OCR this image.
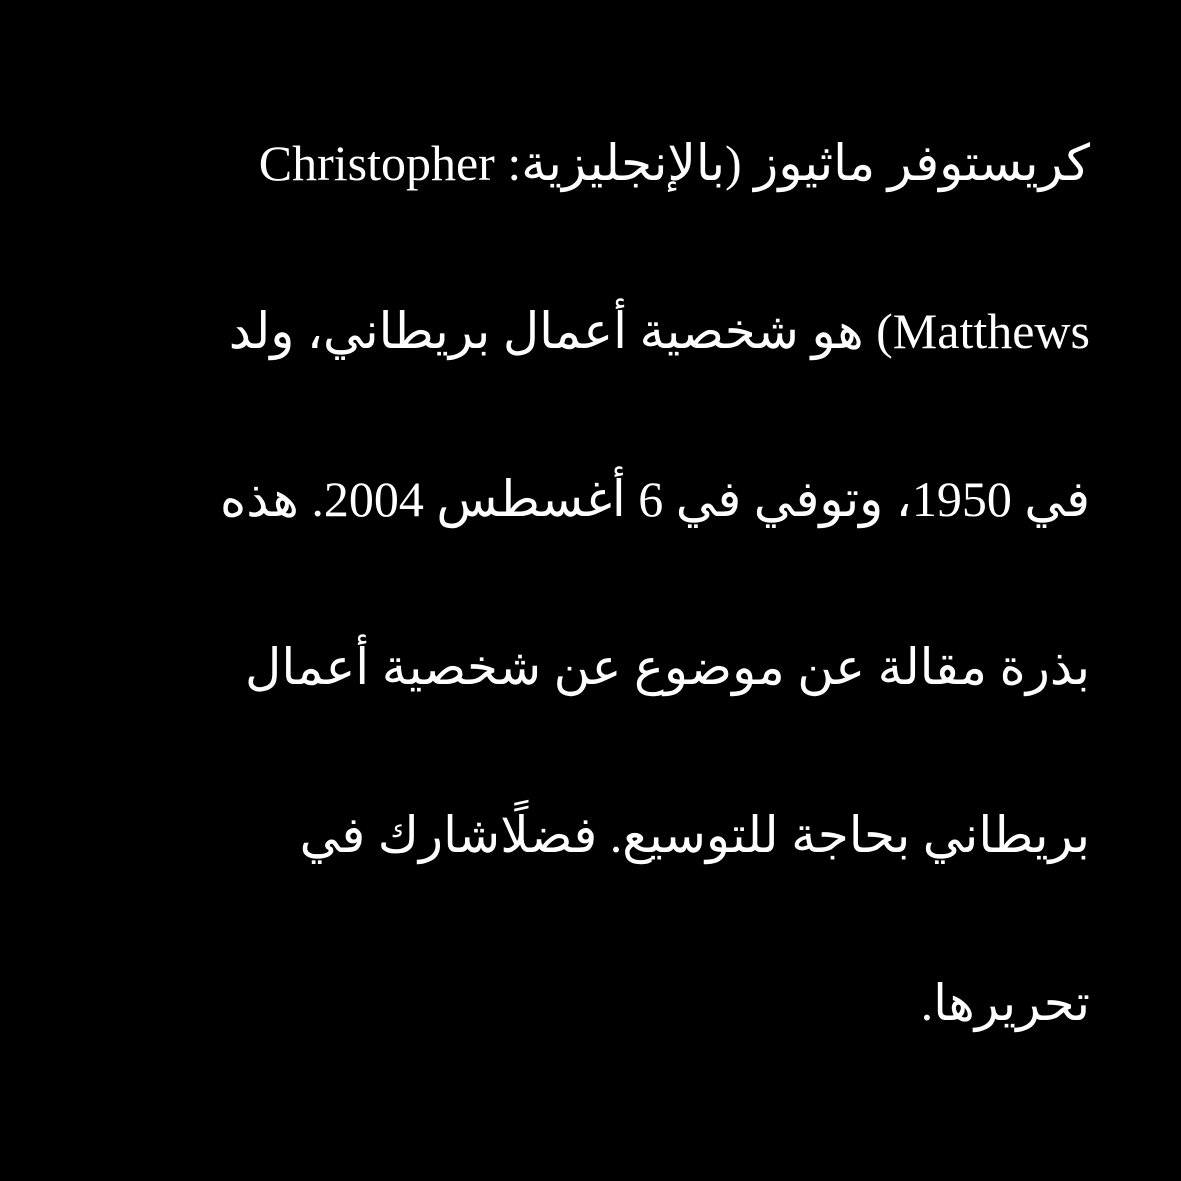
كريستوفر ماثيوز (بالإنجليزية: Christopher
Matthews) هو شخصية أعمال بريطاني، ولد
في 1950، وتوفي في 6 أغسطس 2004. هذه
بذرة مقالة عن موضوع عن شخصية أعمال
بريطاني بحاجة للتوسيع. فضلًاشارك في
تحريرها.
